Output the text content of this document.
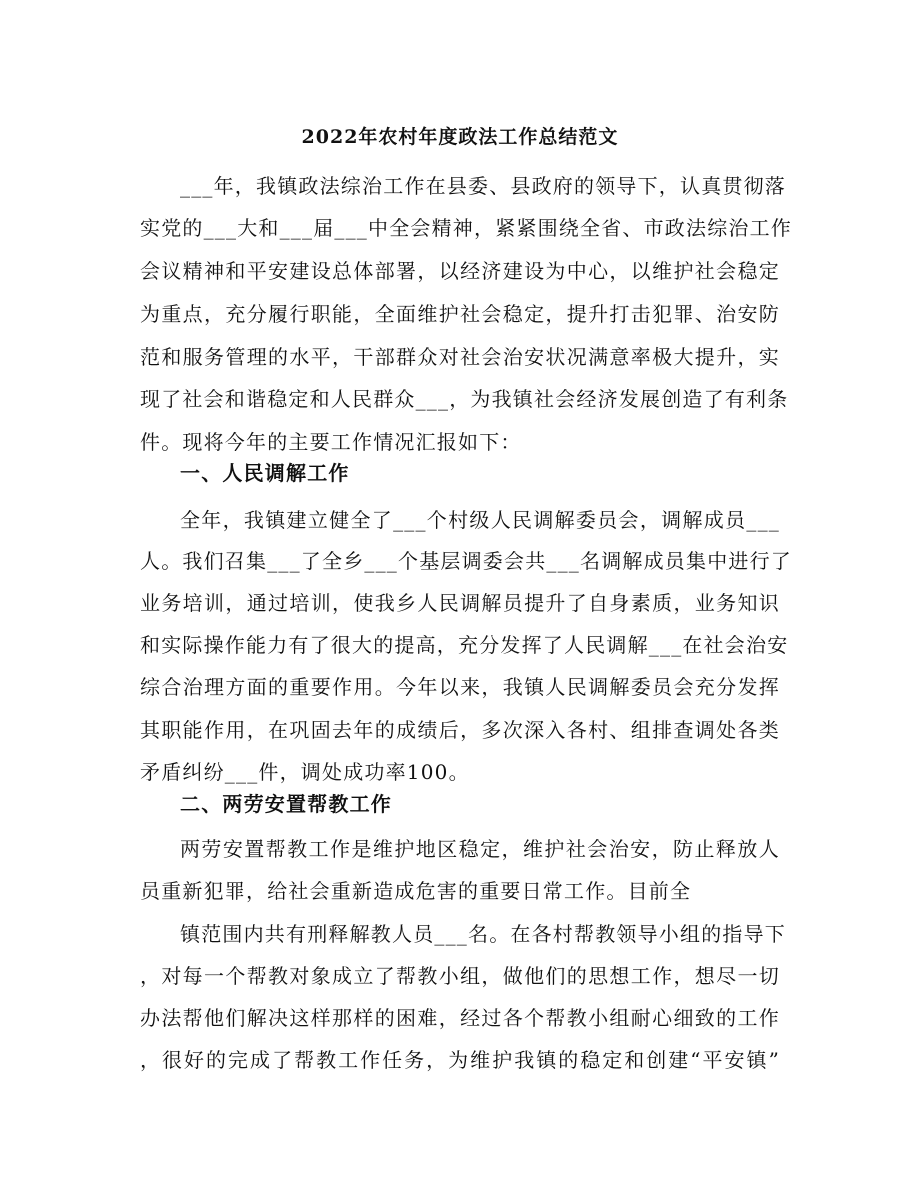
2022年农村年度政法工作总结范文
___年，我镇政法综治工作在县委、县政府的领导下，认真贯彻落
实党的___大和___届___中全会精神，紧紧围绕全省、市政法综治工作
会议精神和平安建设总体部署，以经济建设为中心，以维护社会稳定
为重点，充分履行职能，全面维护社会稳定，提升打击犯罪、治安防
范和服务管理的水平，干部群众对社会治安状况满意率极大提升，实
现了社会和谐稳定和人民群众___，为我镇社会经济发展创造了有利条
件。现将今年的主要工作情况汇报如下：
一、人民调解工作
全年，我镇建立健全了___个村级人民调解委员会，调解成员___
人。我们召集___了全乡___个基层调委会共___名调解成员集中进行了
业务培训，通过培训，使我乡人民调解员提升了自身素质，业务知识
和实际操作能力有了很大的提高，充分发挥了人民调解___在社会治安
综合治理方面的重要作用。今年以来，我镇人民调解委员会充分发挥
其职能作用，在巩固去年的成绩后，多次深入各村、组排查调处各类
矛盾纠纷___件，调处成功率100。
二、两劳安置帮教工作
两劳安置帮教工作是维护地区稳定，维护社会治安，防止释放人
员重新犯罪，给社会重新造成危害的重要日常工作。目前全
镇范围内共有刑释解教人员___名。在各村帮教领导小组的指导下
，对每一个帮教对象成立了帮教小组，做他们的思想工作，想尽一切
办法帮他们解决这样那样的困难，经过各个帮教小组耐心细致的工作
，很好的完成了帮教工作任务，为维护我镇的稳定和创建“平安镇”
